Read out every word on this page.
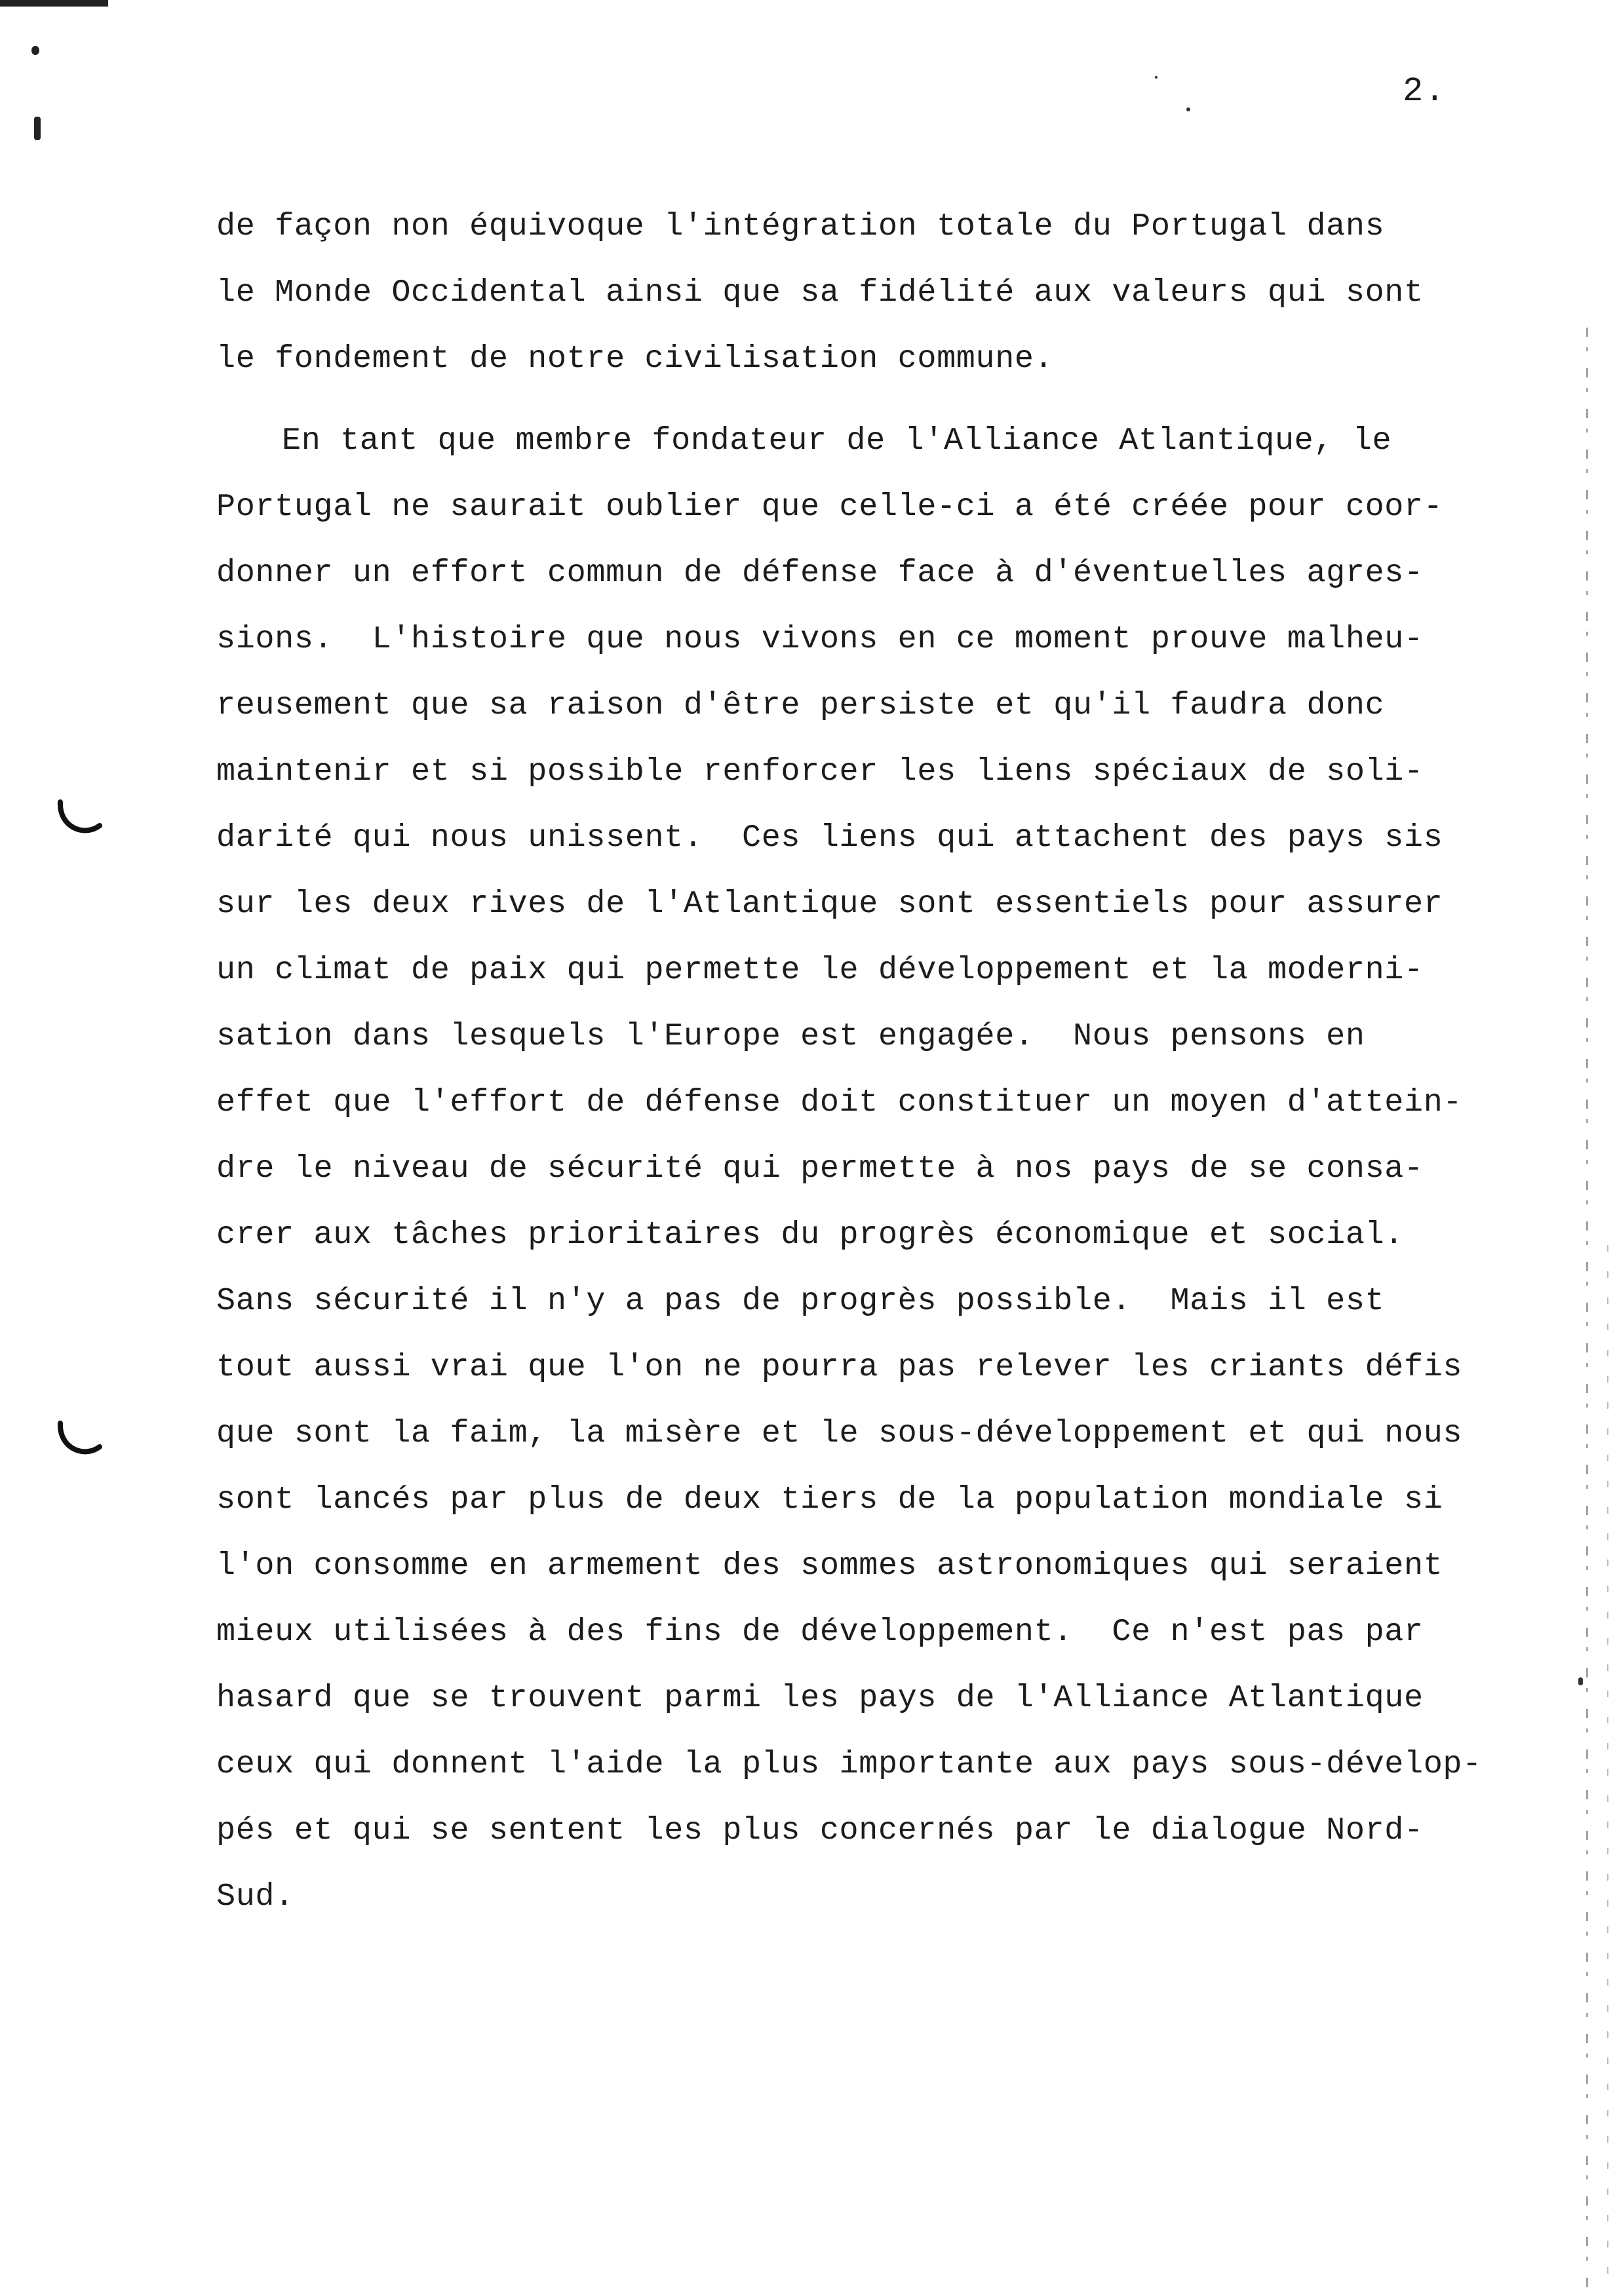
2.
de façon non équivoque l'intégration totale du Portugal dans
le Monde Occidental ainsi que sa fidélité aux valeurs qui sont
le fondement de notre civilisation commune.
En tant que membre fondateur de l'Alliance Atlantique, le
Portugal ne saurait oublier que celle-ci a été créée pour coor-
donner un effort commun de défense face à d'éventuelles agres-
sions.  L'histoire que nous vivons en ce moment prouve malheu-
reusement que sa raison d'être persiste et qu'il faudra donc
maintenir et si possible renforcer les liens spéciaux de soli-
darité qui nous unissent.  Ces liens qui attachent des pays sis
sur les deux rives de l'Atlantique sont essentiels pour assurer
un climat de paix qui permette le développement et la moderni-
sation dans lesquels l'Europe est engagée.  Nous pensons en
effet que l'effort de défense doit constituer un moyen d'attein-
dre le niveau de sécurité qui permette à nos pays de se consa-
crer aux tâches prioritaires du progrès économique et social.
Sans sécurité il n'y a pas de progrès possible.  Mais il est
tout aussi vrai que l'on ne pourra pas relever les criants défis
que sont la faim, la misère et le sous-développement et qui nous
sont lancés par plus de deux tiers de la population mondiale si
l'on consomme en armement des sommes astronomiques qui seraient
mieux utilisées à des fins de développement.  Ce n'est pas par
hasard que se trouvent parmi les pays de l'Alliance Atlantique
ceux qui donnent l'aide la plus importante aux pays sous-dévelop-
pés et qui se sentent les plus concernés par le dialogue Nord-
Sud.
